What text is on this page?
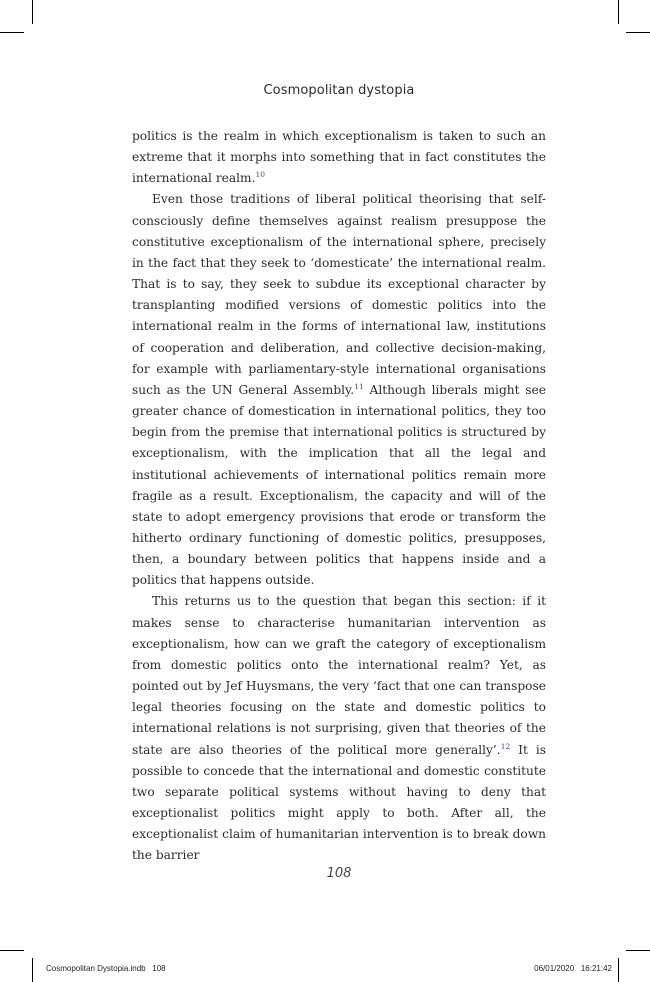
Cosmopolitan dystopia

politics is the realm in which exceptionalism is taken to such an extreme that it morphs into something that in fact constitutes the international realm.$^{10}$

Even those traditions of liberal political theorising that self-consciously define themselves against realism presuppose the constitutive exceptionalism of the international sphere, precisely in the fact that they seek to ‘domesticate’ the international realm. That is to say, they seek to subdue its exceptional character by transplanting modified versions of domestic politics into the international realm in the forms of international law, institutions of cooperation and deliberation, and collective decision-making, for example with parliamentary-style international organisations such as the UN General Assembly.$^{11}$ Although liberals might see greater chance of domestication in international politics, they too begin from the premise that international politics is structured by exceptionalism, with the implication that all the legal and institutional achievements of international politics remain more fragile as a result. Exceptionalism, the capacity and will of the state to adopt emergency provisions that erode or transform the hitherto ordinary functioning of domestic politics, presupposes, then, a boundary between politics that happens inside and a politics that happens outside.

This returns us to the question that began this section: if it makes sense to characterise humanitarian intervention as exceptionalism, how can we graft the category of exceptionalism from domestic politics onto the international realm? Yet, as pointed out by Jef Huysmans, the very ‘fact that one can transpose legal theories focusing on the state and domestic politics to international relations is not surprising, given that theories of the state are also theories of the political more generally’.$^{12}$ It is possible to concede that the international and domestic constitute two separate political systems without having to deny that exceptionalist politics might apply to both. After all, the exceptionalist claim of humanitarian intervention is to break down the barrier

108
Cosmopolitan Dystopia.indb   108	06/01/2020   16:21:42
